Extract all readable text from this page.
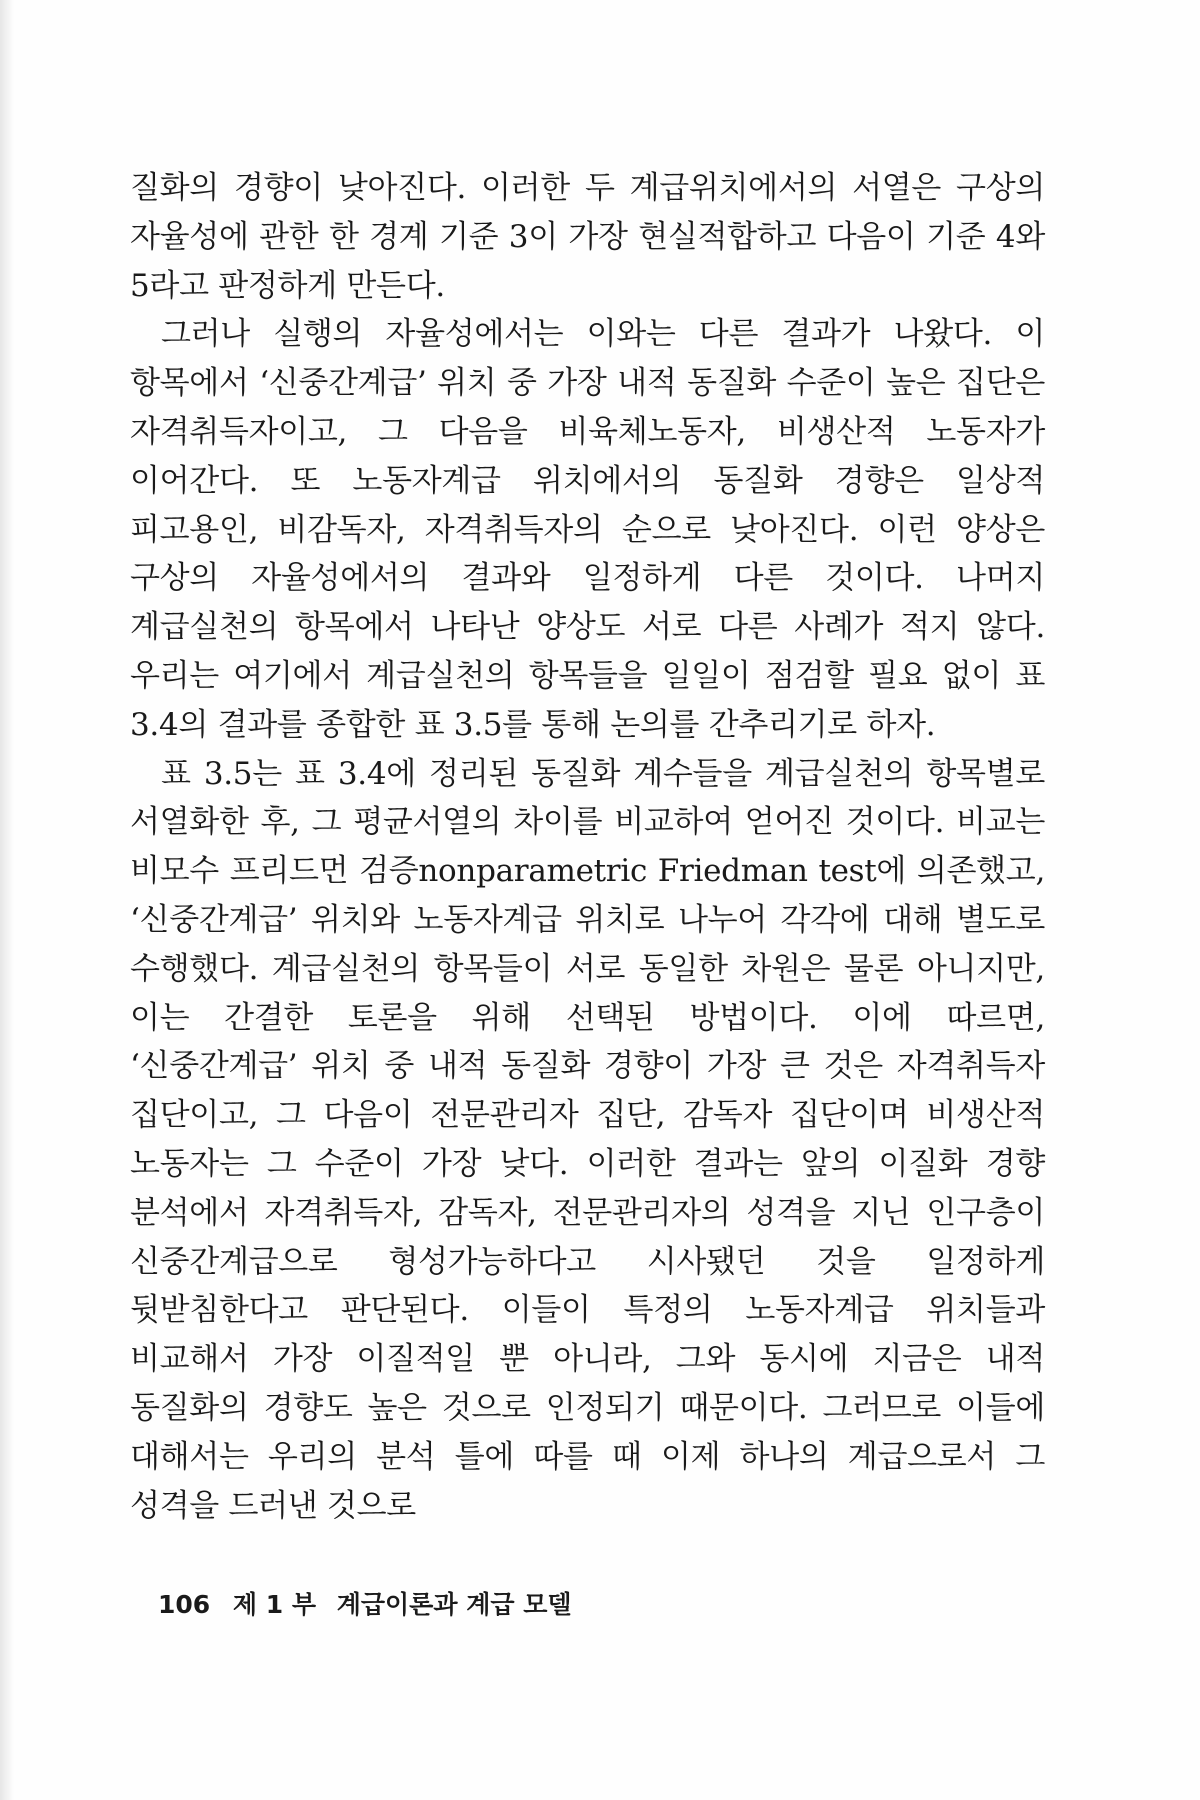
질화의 경향이 낮아진다. 이러한 두 계급위치에서의 서열은 구상의 자율성에 관한 한 경계 기준 3이 가장 현실적합하고 다음이 기준 4와 5라고 판정하게 만든다.

그러나 실행의 자율성에서는 이와는 다른 결과가 나왔다. 이 항목에서 ‘신중간계급’ 위치 중 가장 내적 동질화 수준이 높은 집단은 자격취득자이고, 그 다음을 비육체노동자, 비생산적 노동자가 이어간다. 또 노동자계급 위치에서의 동질화 경향은 일상적 피고용인, 비감독자, 자격취득자의 순으로 낮아진다. 이런 양상은 구상의 자율성에서의 결과와 일정하게 다른 것이다. 나머지 계급실천의 항목에서 나타난 양상도 서로 다른 사례가 적지 않다. 우리는 여기에서 계급실천의 항목들을 일일이 점검할 필요 없이 표 3.4의 결과를 종합한 표 3.5를 통해 논의를 간추리기로 하자.

표 3.5는 표 3.4에 정리된 동질화 계수들을 계급실천의 항목별로 서열화한 후, 그 평균서열의 차이를 비교하여 얻어진 것이다. 비교는 비모수 프리드먼 검증nonparametric Friedman test에 의존했고, ‘신중간계급’ 위치와 노동자계급 위치로 나누어 각각에 대해 별도로 수행했다. 계급실천의 항목들이 서로 동일한 차원은 물론 아니지만, 이는 간결한 토론을 위해 선택된 방법이다. 이에 따르면, ‘신중간계급’ 위치 중 내적 동질화 경향이 가장 큰 것은 자격취득자 집단이고, 그 다음이 전문관리자 집단, 감독자 집단이며 비생산적 노동자는 그 수준이 가장 낮다. 이러한 결과는 앞의 이질화 경향 분석에서 자격취득자, 감독자, 전문관리자의 성격을 지닌 인구층이 신중간계급으로 형성가능하다고 시사됐던 것을 일정하게 뒷받침한다고 판단된다. 이들이 특정의 노동자계급 위치들과 비교해서 가장 이질적일 뿐 아니라, 그와 동시에 지금은 내적 동질화의 경향도 높은 것으로 인정되기 때문이다. 그러므로 이들에 대해서는 우리의 분석 틀에 따를 때 이제 하나의 계급으로서 그 성격을 드러낸 것으로

106 제 1 부 계급이론과 계급 모델
